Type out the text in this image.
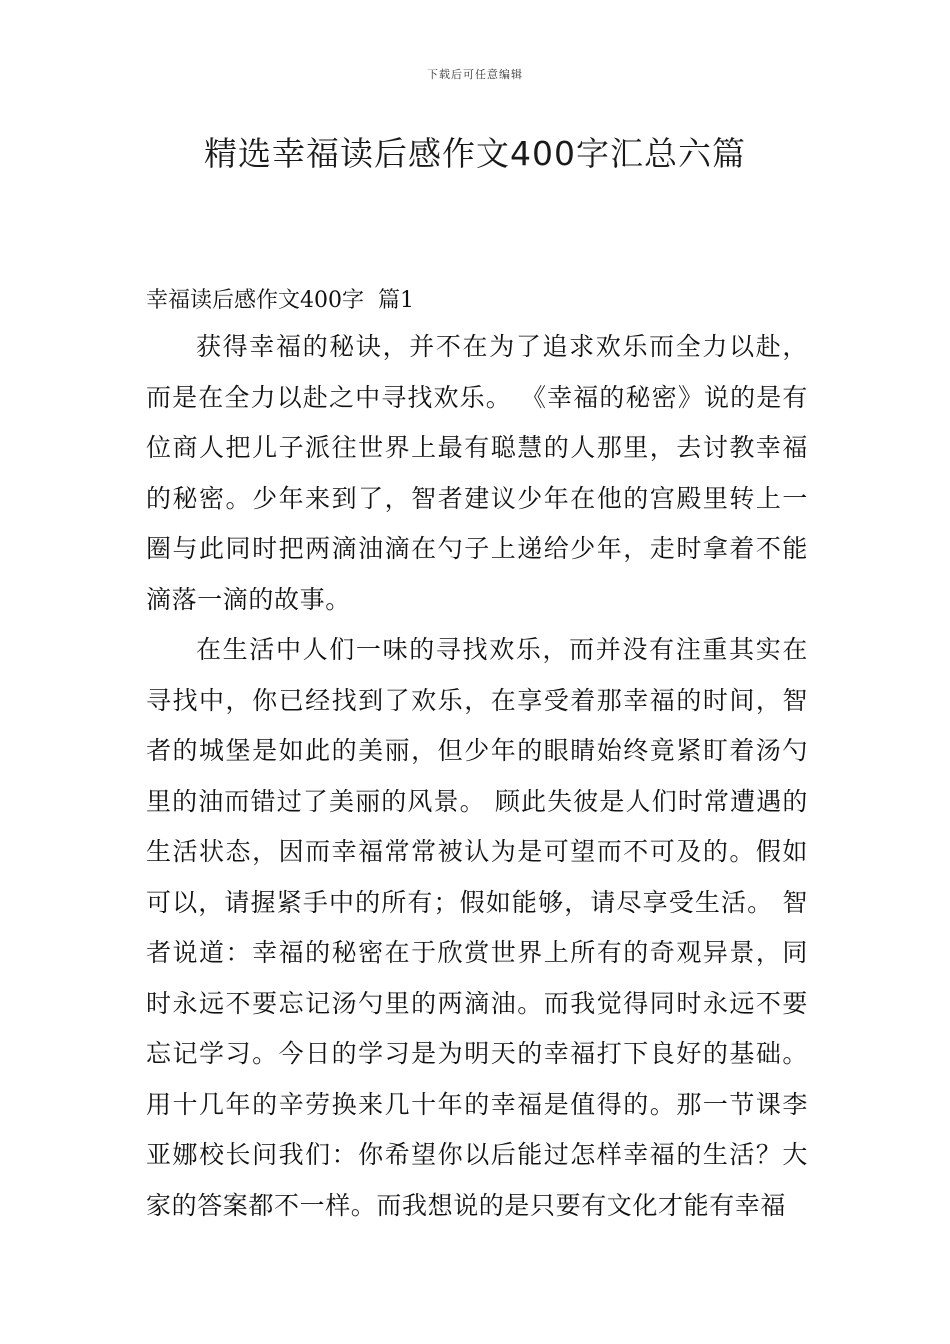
下载后可任意编辑
精选幸福读后感作文400字汇总六篇
幸福读后感作文400字  篇1

获得幸福的秘诀，并不在为了追求欢乐而全力以赴，而是在全力以赴之中寻找欢乐。 《幸福的秘密》说的是有位商人把儿子派往世界上最有聪慧的人那里，去讨教幸福的秘密。少年来到了，智者建议少年在他的宫殿里转上一圈与此同时把两滴油滴在勺子上递给少年，走时拿着不能滴落一滴的故事。

在生活中人们一味的寻找欢乐，而并没有注重其实在寻找中，你已经找到了欢乐，在享受着那幸福的时间，智者的城堡是如此的美丽，但少年的眼睛始终竟紧盯着汤勺里的油而错过了美丽的风景。 顾此失彼是人们时常遭遇的生活状态，因而幸福常常被认为是可望而不可及的。假如可以，请握紧手中的所有；假如能够，请尽享受生活。 智者说道：幸福的秘密在于欣赏世界上所有的奇观异景，同时永远不要忘记汤勺里的两滴油。而我觉得同时永远不要忘记学习。今日的学习是为明天的幸福打下良好的基础。用十几年的辛劳换来几十年的幸福是值得的。那一节课李亚娜校长问我们：你希望你以后能过怎样幸福的生活？大家的答案都不一样。而我想说的是只要有文化才能有幸福
